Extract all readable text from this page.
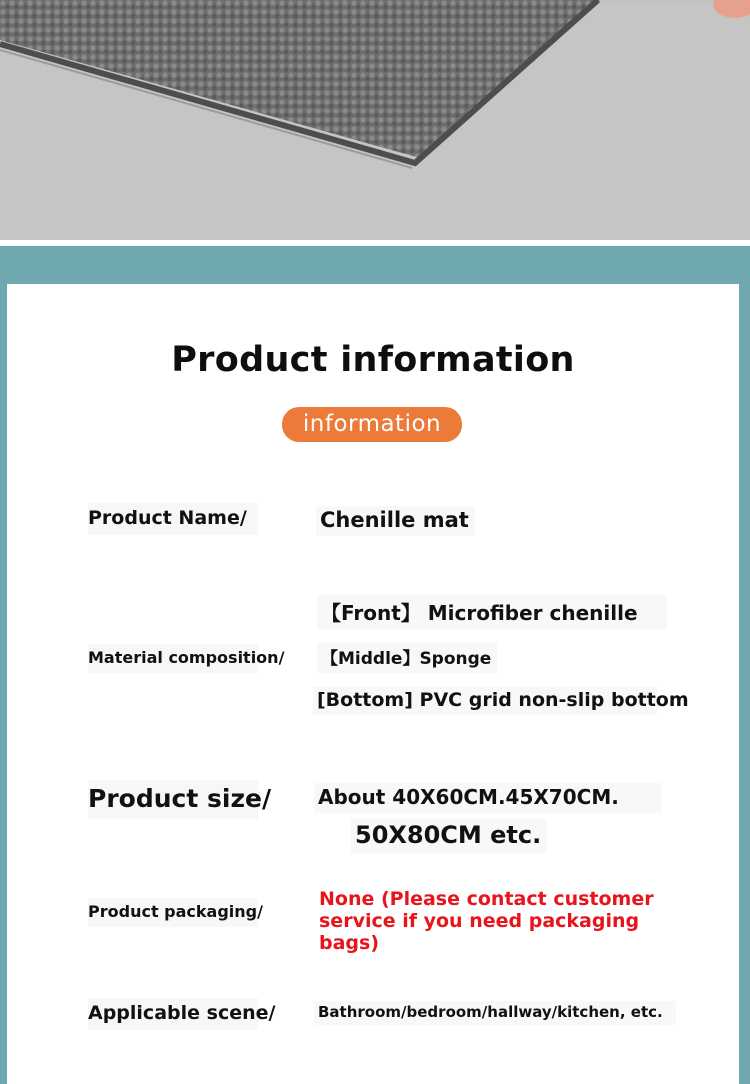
Product information
information
Product Name/	Chenille mat
Material composition/
【Front】 Microfiber chenille
【Middle】Sponge
[Bottom] PVC grid non-slip bottom
Product size/ About 40X60CM.45X70CM.
50X80CM etc.
Product packaging/
None (Please contact customer
service if you need packaging bags)
Applicable scene/	Bathroom/bedroom/hallway/kitchen, etc.
